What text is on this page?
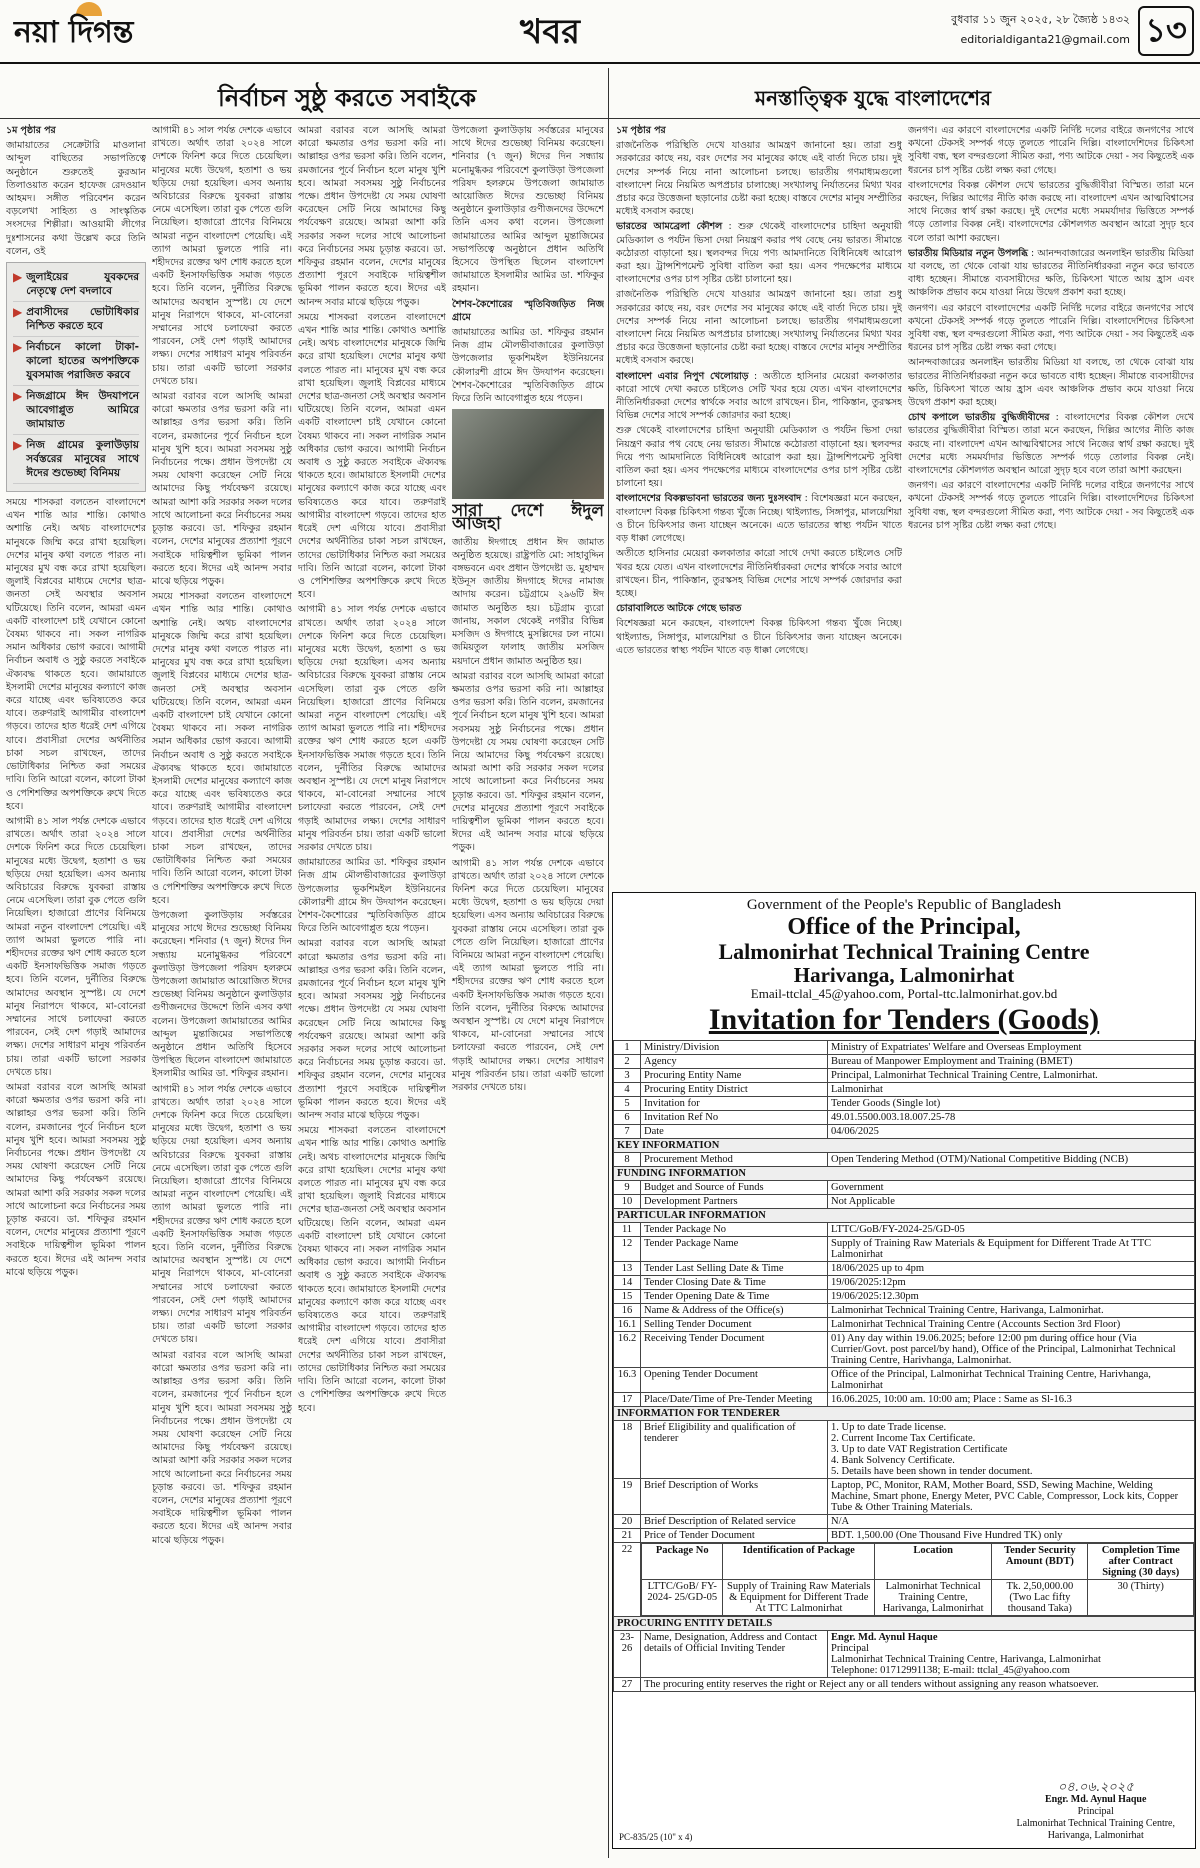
নয়া দিগন্ত	খবর	বুধবার ১১ জুন ২০২৫, ২৮ জ্যৈষ্ঠ ১৪৩২
editorialdiganta21@gmail.com ১৩
নির্বাচন সুষ্ঠু করতে সবাইকে	মনস্তাত্ত্বিক যুদ্ধে বাংলাদেশের

১ম পৃষ্ঠার পর

জামায়াতের সেক্রেটারি মাওলানা আব্দুল বাছিতের সভাপতিত্বে অনুষ্ঠানে শুরুতেই কুরআন তিলাওয়াত করেন হাফেজ রেদওয়ান আহমদ। সঙ্গীত পরিবেশন করেন বড়লেখা সাহিত্য ও সাংস্কৃতিক সংসদের শিল্পীরা। আওয়ামী লীগের দুঃশাসনের কথা উল্লেখ করে তিনি বলেন, ওই

▶ জুলাইয়ের যুবকদের নেতৃত্বে দেশ বদলাবে
▶ প্রবাসীদের ভোটাধিকার নিশ্চিত করতে হবে
▶ নির্বাচনে কালো টাকা-কালো হাতের অপশক্তিকে যুবসমাজ পরাজিত করবে
▶ নিজগ্রামে ঈদ উদযাপনে আবেগাপ্লুত আমিরে জামায়াত
▶ নিজ গ্রামের কুলাউড়ায় সর্বস্তরের মানুষের সাথে ঈদের শুভেচ্ছা বিনিময়

সময়ে শাসকরা বলতেন বাংলাদেশে এখন শান্তি আর শান্তি। কোথাও অশান্তি নেই। অথচ বাংলাদেশের মানুষকে জিম্মি করে রাখা হয়েছিল। দেশের মানুষ কথা বলতে পারত না। মানুষের মুখ বন্ধ করে রাখা হয়েছিল। জুলাই বিপ্লবের মাধ্যমে দেশের ছাত্র-জনতা সেই অবস্থার অবসান ঘটিয়েছে। তিনি বলেন, আমরা এমন একটি বাংলাদেশ চাই যেখানে কোনো বৈষম্য থাকবে না। সকল নাগরিক সমান অধিকার ভোগ করবে। আগামী নির্বাচন অবাধ ও সুষ্ঠু করতে সবাইকে ঐক্যবদ্ধ থাকতে হবে। জামায়াতে ইসলামী দেশের মানুষের কল্যাণে কাজ করে যাচ্ছে এবং ভবিষ্যতেও করে যাবে। তরুণরাই আগামীর বাংলাদেশ গড়বে। তাদের হাত ধরেই দেশ এগিয়ে যাবে। প্রবাসীরা দেশের অর্থনীতির চাকা সচল রাখছেন, তাদের ভোটাধিকার নিশ্চিত করা সময়ের দাবি। তিনি আরো বলেন, কালো টাকা ও পেশিশক্তির অপশক্তিকে রুখে দিতে হবে।

আগামী ৪১ সাল পর্যন্ত দেশকে এভাবে রাখতে। অর্থাৎ তারা ২০২৪ সালে দেশকে ফিনিশ করে দিতে চেয়েছিল। মানুষের মধ্যে উদ্বেগ, হতাশা ও ভয় ছড়িয়ে দেয়া হয়েছিল। এসব অন্যায় অবিচারের বিরুদ্ধে যুবকরা রাস্তায় নেমে এসেছিল। তারা বুক পেতে গুলি নিয়েছিল। হাজারো প্রাণের বিনিময়ে আমরা নতুন বাংলাদেশ পেয়েছি। এই ত্যাগ আমরা ভুলতে পারি না। শহীদদের রক্তের ঋণ শোধ করতে হলে একটি ইনসাফভিত্তিক সমাজ গড়তে হবে। তিনি বলেন, দুর্নীতির বিরুদ্ধে আমাদের অবস্থান সুস্পষ্ট। যে দেশে মানুষ নিরাপদে থাকবে, মা-বোনেরা সম্মানের সাথে চলাফেরা করতে পারবেন, সেই দেশ গড়াই আমাদের লক্ষ্য। দেশের সাধারণ মানুষ পরিবর্তন চায়। তারা একটি ভালো সরকার দেখতে চায়।

আমরা বরাবর বলে আসছি আমরা কারো ক্ষমতার ওপর ভরসা করি না। আল্লাহর ওপর ভরসা করি। তিনি বলেন, রমজানের পূর্বে নির্বাচন হলে মানুষ খুশি হবে। আমরা সবসময় সুষ্ঠু নির্বাচনের পক্ষে। প্রধান উপদেষ্টা যে সময় ঘোষণা করেছেন সেটি নিয়ে আমাদের কিছু পর্যবেক্ষণ রয়েছে। আমরা আশা করি সরকার সকল দলের সাথে আলোচনা করে নির্বাচনের সময় চূড়ান্ত করবে। ডা. শফিকুর রহমান বলেন, দেশের মানুষের প্রত্যাশা পূরণে সবাইকে দায়িত্বশীল ভূমিকা পালন করতে হবে। ঈদের এই আনন্দ সবার মাঝে ছড়িয়ে পড়ুক।

আগামী ৪১ সাল পর্যন্ত দেশকে এভাবে রাখতে। অর্থাৎ তারা ২০২৪ সালে দেশকে ফিনিশ করে দিতে চেয়েছিল। মানুষের মধ্যে উদ্বেগ, হতাশা ও ভয় ছড়িয়ে দেয়া হয়েছিল। এসব অন্যায় অবিচারের বিরুদ্ধে যুবকরা রাস্তায় নেমে এসেছিল। তারা বুক পেতে গুলি নিয়েছিল। হাজারো প্রাণের বিনিময়ে আমরা নতুন বাংলাদেশ পেয়েছি। এই ত্যাগ আমরা ভুলতে পারি না। শহীদদের রক্তের ঋণ শোধ করতে হলে একটি ইনসাফভিত্তিক সমাজ গড়তে হবে। তিনি বলেন, দুর্নীতির বিরুদ্ধে আমাদের অবস্থান সুস্পষ্ট। যে দেশে মানুষ নিরাপদে থাকবে, মা-বোনেরা সম্মানের সাথে চলাফেরা করতে পারবেন, সেই দেশ গড়াই আমাদের লক্ষ্য। দেশের সাধারণ মানুষ পরিবর্তন চায়। তারা একটি ভালো সরকার দেখতে চায়।

আমরা বরাবর বলে আসছি আমরা কারো ক্ষমতার ওপর ভরসা করি না। আল্লাহর ওপর ভরসা করি। তিনি বলেন, রমজানের পূর্বে নির্বাচন হলে মানুষ খুশি হবে। আমরা সবসময় সুষ্ঠু নির্বাচনের পক্ষে। প্রধান উপদেষ্টা যে সময় ঘোষণা করেছেন সেটি নিয়ে আমাদের কিছু পর্যবেক্ষণ রয়েছে। আমরা আশা করি সরকার সকল দলের সাথে আলোচনা করে নির্বাচনের সময় চূড়ান্ত করবে। ডা. শফিকুর রহমান বলেন, দেশের মানুষের প্রত্যাশা পূরণে সবাইকে দায়িত্বশীল ভূমিকা পালন করতে হবে। ঈদের এই আনন্দ সবার মাঝে ছড়িয়ে পড়ুক।

সময়ে শাসকরা বলতেন বাংলাদেশে এখন শান্তি আর শান্তি। কোথাও অশান্তি নেই। অথচ বাংলাদেশের মানুষকে জিম্মি করে রাখা হয়েছিল। দেশের মানুষ কথা বলতে পারত না। মানুষের মুখ বন্ধ করে রাখা হয়েছিল। জুলাই বিপ্লবের মাধ্যমে দেশের ছাত্র-জনতা সেই অবস্থার অবসান ঘটিয়েছে। তিনি বলেন, আমরা এমন একটি বাংলাদেশ চাই যেখানে কোনো বৈষম্য থাকবে না। সকল নাগরিক সমান অধিকার ভোগ করবে। আগামী নির্বাচন অবাধ ও সুষ্ঠু করতে সবাইকে ঐক্যবদ্ধ থাকতে হবে। জামায়াতে ইসলামী দেশের মানুষের কল্যাণে কাজ করে যাচ্ছে এবং ভবিষ্যতেও করে যাবে। তরুণরাই আগামীর বাংলাদেশ গড়বে। তাদের হাত ধরেই দেশ এগিয়ে যাবে। প্রবাসীরা দেশের অর্থনীতির চাকা সচল রাখছেন, তাদের ভোটাধিকার নিশ্চিত করা সময়ের দাবি। তিনি আরো বলেন, কালো টাকা ও পেশিশক্তির অপশক্তিকে রুখে দিতে হবে।

উপজেলা কুলাউড়ায় সর্বস্তরের মানুষের সাথে ঈদের শুভেচ্ছা বিনিময় করেছেন। শনিবার (৭ জুন) ঈদের দিন সন্ধ্যায় মনোমুগ্ধকর পরিবেশে কুলাউড়া উপজেলা পরিষদ হলরুমে উপজেলা জামায়াত আয়োজিত ঈদের শুভেচ্ছা বিনিময় অনুষ্ঠানে কুলাউড়ার গুণীজনদের উদ্দেশে তিনি এসব কথা বলেন। উপজেলা জামায়াতের আমির আব্দুল মুন্তাজিমের সভাপতিত্বে অনুষ্ঠানে প্রধান অতিথি হিসেবে উপস্থিত ছিলেন বাংলাদেশ জামায়াতে ইসলামীর আমির ডা. শফিকুর রহমান।

আগামী ৪১ সাল পর্যন্ত দেশকে এভাবে রাখতে। অর্থাৎ তারা ২০২৪ সালে দেশকে ফিনিশ করে দিতে চেয়েছিল। মানুষের মধ্যে উদ্বেগ, হতাশা ও ভয় ছড়িয়ে দেয়া হয়েছিল। এসব অন্যায় অবিচারের বিরুদ্ধে যুবকরা রাস্তায় নেমে এসেছিল। তারা বুক পেতে গুলি নিয়েছিল। হাজারো প্রাণের বিনিময়ে আমরা নতুন বাংলাদেশ পেয়েছি। এই ত্যাগ আমরা ভুলতে পারি না। শহীদদের রক্তের ঋণ শোধ করতে হলে একটি ইনসাফভিত্তিক সমাজ গড়তে হবে। তিনি বলেন, দুর্নীতির বিরুদ্ধে আমাদের অবস্থান সুস্পষ্ট। যে দেশে মানুষ নিরাপদে থাকবে, মা-বোনেরা সম্মানের সাথে চলাফেরা করতে পারবেন, সেই দেশ গড়াই আমাদের লক্ষ্য। দেশের সাধারণ মানুষ পরিবর্তন চায়। তারা একটি ভালো সরকার দেখতে চায়।

আমরা বরাবর বলে আসছি আমরা কারো ক্ষমতার ওপর ভরসা করি না। আল্লাহর ওপর ভরসা করি। তিনি বলেন, রমজানের পূর্বে নির্বাচন হলে মানুষ খুশি হবে। আমরা সবসময় সুষ্ঠু নির্বাচনের পক্ষে। প্রধান উপদেষ্টা যে সময় ঘোষণা করেছেন সেটি নিয়ে আমাদের কিছু পর্যবেক্ষণ রয়েছে। আমরা আশা করি সরকার সকল দলের সাথে আলোচনা করে নির্বাচনের সময় চূড়ান্ত করবে। ডা. শফিকুর রহমান বলেন, দেশের মানুষের প্রত্যাশা পূরণে সবাইকে দায়িত্বশীল ভূমিকা পালন করতে হবে। ঈদের এই আনন্দ সবার মাঝে ছড়িয়ে পড়ুক।

আমরা বরাবর বলে আসছি আমরা কারো ক্ষমতার ওপর ভরসা করি না। আল্লাহর ওপর ভরসা করি। তিনি বলেন, রমজানের পূর্বে নির্বাচন হলে মানুষ খুশি হবে। আমরা সবসময় সুষ্ঠু নির্বাচনের পক্ষে। প্রধান উপদেষ্টা যে সময় ঘোষণা করেছেন সেটি নিয়ে আমাদের কিছু পর্যবেক্ষণ রয়েছে। আমরা আশা করি সরকার সকল দলের সাথে আলোচনা করে নির্বাচনের সময় চূড়ান্ত করবে। ডা. শফিকুর রহমান বলেন, দেশের মানুষের প্রত্যাশা পূরণে সবাইকে দায়িত্বশীল ভূমিকা পালন করতে হবে। ঈদের এই আনন্দ সবার মাঝে ছড়িয়ে পড়ুক।

সময়ে শাসকরা বলতেন বাংলাদেশে এখন শান্তি আর শান্তি। কোথাও অশান্তি নেই। অথচ বাংলাদেশের মানুষকে জিম্মি করে রাখা হয়েছিল। দেশের মানুষ কথা বলতে পারত না। মানুষের মুখ বন্ধ করে রাখা হয়েছিল। জুলাই বিপ্লবের মাধ্যমে দেশের ছাত্র-জনতা সেই অবস্থার অবসান ঘটিয়েছে। তিনি বলেন, আমরা এমন একটি বাংলাদেশ চাই যেখানে কোনো বৈষম্য থাকবে না। সকল নাগরিক সমান অধিকার ভোগ করবে। আগামী নির্বাচন অবাধ ও সুষ্ঠু করতে সবাইকে ঐক্যবদ্ধ থাকতে হবে। জামায়াতে ইসলামী দেশের মানুষের কল্যাণে কাজ করে যাচ্ছে এবং ভবিষ্যতেও করে যাবে। তরুণরাই আগামীর বাংলাদেশ গড়বে। তাদের হাত ধরেই দেশ এগিয়ে যাবে। প্রবাসীরা দেশের অর্থনীতির চাকা সচল রাখছেন, তাদের ভোটাধিকার নিশ্চিত করা সময়ের দাবি। তিনি আরো বলেন, কালো টাকা ও পেশিশক্তির অপশক্তিকে রুখে দিতে হবে।

আগামী ৪১ সাল পর্যন্ত দেশকে এভাবে রাখতে। অর্থাৎ তারা ২০২৪ সালে দেশকে ফিনিশ করে দিতে চেয়েছিল। মানুষের মধ্যে উদ্বেগ, হতাশা ও ভয় ছড়িয়ে দেয়া হয়েছিল। এসব অন্যায় অবিচারের বিরুদ্ধে যুবকরা রাস্তায় নেমে এসেছিল। তারা বুক পেতে গুলি নিয়েছিল। হাজারো প্রাণের বিনিময়ে আমরা নতুন বাংলাদেশ পেয়েছি। এই ত্যাগ আমরা ভুলতে পারি না। শহীদদের রক্তের ঋণ শোধ করতে হলে একটি ইনসাফভিত্তিক সমাজ গড়তে হবে। তিনি বলেন, দুর্নীতির বিরুদ্ধে আমাদের অবস্থান সুস্পষ্ট। যে দেশে মানুষ নিরাপদে থাকবে, মা-বোনেরা সম্মানের সাথে চলাফেরা করতে পারবেন, সেই দেশ গড়াই আমাদের লক্ষ্য। দেশের সাধারণ মানুষ পরিবর্তন চায়। তারা একটি ভালো সরকার দেখতে চায়।

জামায়াতের আমির ডা. শফিকুর রহমান নিজ গ্রাম মৌলভীবাজারের কুলাউড়া উপজেলার ভূকশিমইল ইউনিয়নের কৌলারশী গ্রামে ঈদ উদযাপন করেছেন। শৈশব-কৈশোরের স্মৃতিবিজড়িত গ্রামে ফিরে তিনি আবেগাপ্লুত হয়ে পড়েন।

আমরা বরাবর বলে আসছি আমরা কারো ক্ষমতার ওপর ভরসা করি না। আল্লাহর ওপর ভরসা করি। তিনি বলেন, রমজানের পূর্বে নির্বাচন হলে মানুষ খুশি হবে। আমরা সবসময় সুষ্ঠু নির্বাচনের পক্ষে। প্রধান উপদেষ্টা যে সময় ঘোষণা করেছেন সেটি নিয়ে আমাদের কিছু পর্যবেক্ষণ রয়েছে। আমরা আশা করি সরকার সকল দলের সাথে আলোচনা করে নির্বাচনের সময় চূড়ান্ত করবে। ডা. শফিকুর রহমান বলেন, দেশের মানুষের প্রত্যাশা পূরণে সবাইকে দায়িত্বশীল ভূমিকা পালন করতে হবে। ঈদের এই আনন্দ সবার মাঝে ছড়িয়ে পড়ুক।

সময়ে শাসকরা বলতেন বাংলাদেশে এখন শান্তি আর শান্তি। কোথাও অশান্তি নেই। অথচ বাংলাদেশের মানুষকে জিম্মি করে রাখা হয়েছিল। দেশের মানুষ কথা বলতে পারত না। মানুষের মুখ বন্ধ করে রাখা হয়েছিল। জুলাই বিপ্লবের মাধ্যমে দেশের ছাত্র-জনতা সেই অবস্থার অবসান ঘটিয়েছে। তিনি বলেন, আমরা এমন একটি বাংলাদেশ চাই যেখানে কোনো বৈষম্য থাকবে না। সকল নাগরিক সমান অধিকার ভোগ করবে। আগামী নির্বাচন অবাধ ও সুষ্ঠু করতে সবাইকে ঐক্যবদ্ধ থাকতে হবে। জামায়াতে ইসলামী দেশের মানুষের কল্যাণে কাজ করে যাচ্ছে এবং ভবিষ্যতেও করে যাবে। তরুণরাই আগামীর বাংলাদেশ গড়বে। তাদের হাত ধরেই দেশ এগিয়ে যাবে। প্রবাসীরা দেশের অর্থনীতির চাকা সচল রাখছেন, তাদের ভোটাধিকার নিশ্চিত করা সময়ের দাবি। তিনি আরো বলেন, কালো টাকা ও পেশিশক্তির অপশক্তিকে রুখে দিতে হবে।

উপজেলা কুলাউড়ায় সর্বস্তরের মানুষের সাথে ঈদের শুভেচ্ছা বিনিময় করেছেন। শনিবার (৭ জুন) ঈদের দিন সন্ধ্যায় মনোমুগ্ধকর পরিবেশে কুলাউড়া উপজেলা পরিষদ হলরুমে উপজেলা জামায়াত আয়োজিত ঈদের শুভেচ্ছা বিনিময় অনুষ্ঠানে কুলাউড়ার গুণীজনদের উদ্দেশে তিনি এসব কথা বলেন। উপজেলা জামায়াতের আমির আব্দুল মুন্তাজিমের সভাপতিত্বে অনুষ্ঠানে প্রধান অতিথি হিসেবে উপস্থিত ছিলেন বাংলাদেশ জামায়াতে ইসলামীর আমির ডা. শফিকুর রহমান।

শৈশব-কৈশোরের স্মৃতিবিজড়িত নিজ গ্রামে

জামায়াতের আমির ডা. শফিকুর রহমান নিজ গ্রাম মৌলভীবাজারের কুলাউড়া উপজেলার ভূকশিমইল ইউনিয়নের কৌলারশী গ্রামে ঈদ উদযাপন করেছেন। শৈশব-কৈশোরের স্মৃতিবিজড়িত গ্রামে ফিরে তিনি আবেগাপ্লুত হয়ে পড়েন।

সারা দেশে ঈদুল আজহা

জাতীয় ঈদগাহে প্রধান ঈদ জামাত অনুষ্ঠিত হয়েছে। রাষ্ট্রপতি মো: সাহাবুদ্দিন বঙ্গভবনে এবং প্রধান উপদেষ্টা ড. মুহাম্মদ ইউনূস জাতীয় ঈদগাহে ঈদের নামাজ আদায় করেন। চট্টগ্রামে ২৯৬টি ঈদ জামাত অনুষ্ঠিত হয়। চট্টগ্রাম ব্যুরো জানায়, সকাল থেকেই নগরীর বিভিন্ন মসজিদ ও ঈদগাহে মুসল্লিদের ঢল নামে। জমিয়তুল ফালাহ জাতীয় মসজিদ ময়দানে প্রধান জামাত অনুষ্ঠিত হয়।

আমরা বরাবর বলে আসছি আমরা কারো ক্ষমতার ওপর ভরসা করি না। আল্লাহর ওপর ভরসা করি। তিনি বলেন, রমজানের পূর্বে নির্বাচন হলে মানুষ খুশি হবে। আমরা সবসময় সুষ্ঠু নির্বাচনের পক্ষে। প্রধান উপদেষ্টা যে সময় ঘোষণা করেছেন সেটি নিয়ে আমাদের কিছু পর্যবেক্ষণ রয়েছে। আমরা আশা করি সরকার সকল দলের সাথে আলোচনা করে নির্বাচনের সময় চূড়ান্ত করবে। ডা. শফিকুর রহমান বলেন, দেশের মানুষের প্রত্যাশা পূরণে সবাইকে দায়িত্বশীল ভূমিকা পালন করতে হবে। ঈদের এই আনন্দ সবার মাঝে ছড়িয়ে পড়ুক।

আগামী ৪১ সাল পর্যন্ত দেশকে এভাবে রাখতে। অর্থাৎ তারা ২০২৪ সালে দেশকে ফিনিশ করে দিতে চেয়েছিল। মানুষের মধ্যে উদ্বেগ, হতাশা ও ভয় ছড়িয়ে দেয়া হয়েছিল। এসব অন্যায় অবিচারের বিরুদ্ধে যুবকরা রাস্তায় নেমে এসেছিল। তারা বুক পেতে গুলি নিয়েছিল। হাজারো প্রাণের বিনিময়ে আমরা নতুন বাংলাদেশ পেয়েছি। এই ত্যাগ আমরা ভুলতে পারি না। শহীদদের রক্তের ঋণ শোধ করতে হলে একটি ইনসাফভিত্তিক সমাজ গড়তে হবে। তিনি বলেন, দুর্নীতির বিরুদ্ধে আমাদের অবস্থান সুস্পষ্ট। যে দেশে মানুষ নিরাপদে থাকবে, মা-বোনেরা সম্মানের সাথে চলাফেরা করতে পারবেন, সেই দেশ গড়াই আমাদের লক্ষ্য। দেশের সাধারণ মানুষ পরিবর্তন চায়। তারা একটি ভালো সরকার দেখতে চায়।

১ম পৃষ্ঠার পর

রাজনৈতিক পরিস্থিতি দেখে যাওয়ার আমন্ত্রণ জানানো হয়। তারা শুধু সরকারের কাছে নয়, বরং দেশের সব মানুষের কাছে এই বার্তা দিতে চায়। দুই দেশের সম্পর্ক নিয়ে নানা আলোচনা চলছে। ভারতীয় গণমাধ্যমগুলো বাংলাদেশ নিয়ে নিয়মিত অপপ্রচার চালাচ্ছে। সংখ্যালঘু নির্যাতনের মিথ্যা খবর প্রচার করে উত্তেজনা ছড়ানোর চেষ্টা করা হচ্ছে। বাস্তবে দেশের মানুষ সম্প্রীতির মধ্যেই বসবাস করছে।

ভারতের আমব্রেলা কৌশল : শুরু থেকেই বাংলাদেশের চাহিদা অনুযায়ী মেডিক্যাল ও পর্যটন ভিসা দেয়া নিয়ন্ত্রণ করার পথ বেছে নেয় ভারত। সীমান্তে কঠোরতা বাড়ানো হয়। স্থলবন্দর দিয়ে পণ্য আমদানিতে বিধিনিষেধ আরোপ করা হয়। ট্রান্সশিপমেন্ট সুবিধা বাতিল করা হয়। এসব পদক্ষেপের মাধ্যমে বাংলাদেশের ওপর চাপ সৃষ্টির চেষ্টা চালানো হয়।

রাজনৈতিক পরিস্থিতি দেখে যাওয়ার আমন্ত্রণ জানানো হয়। তারা শুধু সরকারের কাছে নয়, বরং দেশের সব মানুষের কাছে এই বার্তা দিতে চায়। দুই দেশের সম্পর্ক নিয়ে নানা আলোচনা চলছে। ভারতীয় গণমাধ্যমগুলো বাংলাদেশ নিয়ে নিয়মিত অপপ্রচার চালাচ্ছে। সংখ্যালঘু নির্যাতনের মিথ্যা খবর প্রচার করে উত্তেজনা ছড়ানোর চেষ্টা করা হচ্ছে। বাস্তবে দেশের মানুষ সম্প্রীতির মধ্যেই বসবাস করছে।

বাংলাদেশ এবার নিপুণ খেলোয়াড় : অতীতে হাসিনার মেয়েরা কলকাতার কারো সাথে দেখা করতে চাইলেও সেটি খবর হয়ে যেত। এখন বাংলাদেশের নীতিনির্ধারকরা দেশের স্বার্থকে সবার আগে রাখছেন। চীন, পাকিস্তান, তুরস্কসহ বিভিন্ন দেশের সাথে সম্পর্ক জোরদার করা হচ্ছে।

শুরু থেকেই বাংলাদেশের চাহিদা অনুযায়ী মেডিক্যাল ও পর্যটন ভিসা দেয়া নিয়ন্ত্রণ করার পথ বেছে নেয় ভারত। সীমান্তে কঠোরতা বাড়ানো হয়। স্থলবন্দর দিয়ে পণ্য আমদানিতে বিধিনিষেধ আরোপ করা হয়। ট্রান্সশিপমেন্ট সুবিধা বাতিল করা হয়। এসব পদক্ষেপের মাধ্যমে বাংলাদেশের ওপর চাপ সৃষ্টির চেষ্টা চালানো হয়।

বাংলাদেশের বিকল্পভাবনা ভারতের জন্য দুঃসংবাদ : বিশেষজ্ঞরা মনে করছেন, বাংলাদেশ বিকল্প চিকিৎসা গন্তব্য খুঁজে নিচ্ছে। থাইল্যান্ড, সিঙ্গাপুর, মালয়েশিয়া ও চীনে চিকিৎসার জন্য যাচ্ছেন অনেকে। এতে ভারতের স্বাস্থ্য পর্যটন খাতে বড় ধাক্কা লেগেছে।

অতীতে হাসিনার মেয়েরা কলকাতার কারো সাথে দেখা করতে চাইলেও সেটি খবর হয়ে যেত। এখন বাংলাদেশের নীতিনির্ধারকরা দেশের স্বার্থকে সবার আগে রাখছেন। চীন, পাকিস্তান, তুরস্কসহ বিভিন্ন দেশের সাথে সম্পর্ক জোরদার করা হচ্ছে।

চোরাবালিতে আটকে গেছে ভারত

বিশেষজ্ঞরা মনে করছেন, বাংলাদেশ বিকল্প চিকিৎসা গন্তব্য খুঁজে নিচ্ছে। থাইল্যান্ড, সিঙ্গাপুর, মালয়েশিয়া ও চীনে চিকিৎসার জন্য যাচ্ছেন অনেকে। এতে ভারতের স্বাস্থ্য পর্যটন খাতে বড় ধাক্কা লেগেছে।

জনগণ। এর কারণে বাংলাদেশের একটি নির্দিষ্ট দলের বাইরে জনগণের সাথে কখনো টেকসই সম্পর্ক গড়ে তুলতে পারেনি দিল্লি। বাংলাদেশিদের চিকিৎসা সুবিধা বন্ধ, স্থল বন্দরগুলো সীমিত করা, পণ্য আটকে দেয়া - সব কিছুতেই এক ধরনের চাপ সৃষ্টির চেষ্টা লক্ষ্য করা গেছে।

বাংলাদেশের বিকল্প কৌশল দেখে ভারতের বুদ্ধিজীবীরা বিস্মিত। তারা মনে করছেন, দিল্লির আগের নীতি কাজ করছে না। বাংলাদেশ এখন আত্মবিশ্বাসের সাথে নিজের স্বার্থ রক্ষা করছে। দুই দেশের মধ্যে সমমর্যাদার ভিত্তিতে সম্পর্ক গড়ে তোলার বিকল্প নেই। বাংলাদেশের কৌশলগত অবস্থান আরো সুদৃঢ় হবে বলে তারা আশা করছেন।

ভারতীয় মিডিয়ার নতুন উপলব্ধি : আনন্দবাজারের অনলাইন ভারতীয় মিডিয়া যা বলছে, তা থেকে বোঝা যায় ভারতের নীতিনির্ধারকরা নতুন করে ভাবতে বাধ্য হচ্ছেন। সীমান্তে ব্যবসায়ীদের ক্ষতি, চিকিৎসা খাতে আয় হ্রাস এবং আঞ্চলিক প্রভাব কমে যাওয়া নিয়ে উদ্বেগ প্রকাশ করা হচ্ছে।

জনগণ। এর কারণে বাংলাদেশের একটি নির্দিষ্ট দলের বাইরে জনগণের সাথে কখনো টেকসই সম্পর্ক গড়ে তুলতে পারেনি দিল্লি। বাংলাদেশিদের চিকিৎসা সুবিধা বন্ধ, স্থল বন্দরগুলো সীমিত করা, পণ্য আটকে দেয়া - সব কিছুতেই এক ধরনের চাপ সৃষ্টির চেষ্টা লক্ষ্য করা গেছে।

আনন্দবাজারের অনলাইন ভারতীয় মিডিয়া যা বলছে, তা থেকে বোঝা যায় ভারতের নীতিনির্ধারকরা নতুন করে ভাবতে বাধ্য হচ্ছেন। সীমান্তে ব্যবসায়ীদের ক্ষতি, চিকিৎসা খাতে আয় হ্রাস এবং আঞ্চলিক প্রভাব কমে যাওয়া নিয়ে উদ্বেগ প্রকাশ করা হচ্ছে।

চোখ কপালে ভারতীয় বুদ্ধিজীবীদের : বাংলাদেশের বিকল্প কৌশল দেখে ভারতের বুদ্ধিজীবীরা বিস্মিত। তারা মনে করছেন, দিল্লির আগের নীতি কাজ করছে না। বাংলাদেশ এখন আত্মবিশ্বাসের সাথে নিজের স্বার্থ রক্ষা করছে। দুই দেশের মধ্যে সমমর্যাদার ভিত্তিতে সম্পর্ক গড়ে তোলার বিকল্প নেই। বাংলাদেশের কৌশলগত অবস্থান আরো সুদৃঢ় হবে বলে তারা আশা করছেন।

জনগণ। এর কারণে বাংলাদেশের একটি নির্দিষ্ট দলের বাইরে জনগণের সাথে কখনো টেকসই সম্পর্ক গড়ে তুলতে পারেনি দিল্লি। বাংলাদেশিদের চিকিৎসা সুবিধা বন্ধ, স্থল বন্দরগুলো সীমিত করা, পণ্য আটকে দেয়া - সব কিছুতেই এক ধরনের চাপ সৃষ্টির চেষ্টা লক্ষ্য করা গেছে।

Government of the People's Republic of Bangladesh
Office of the Principal,
Lalmonirhat Technical Training Centre
Harivanga, Lalmonirhat
Email-ttclal_45@yahoo.com, Portal-ttc.lalmonirhat.gov.bd
Invitation for Tenders (Goods)
1	Ministry/Division	Ministry of Expatriates' Welfare and Overseas Employment
2	Agency	Bureau of Manpower Employment and Training (BMET)
3	Procuring Entity Name	Principal, Lalmonirhat Technical Training Centre, Lalmonirhat.
4	Procuring Entity District	Lalmonirhat
5	Invitation for	Tender Goods (Single lot)
6	Invitation Ref No	49.01.5500.003.18.007.25-78
7	Date	04/06/2025
KEY INFORMATION
8	Procurement Method	Open Tendering Method (OTM)/National Competitive Bidding (NCB)
FUNDING INFORMATION
9	Budget and Source of Funds	Government
10	Development Partners	Not Applicable
PARTICULAR INFORMATION
11	Tender Package No	LTTC/GoB/FY-2024-25/GD-05
12	Tender Package Name	Supply of Training Raw Materials & Equipment for Different Trade At TTC Lalmonirhat
13	Tender Last Selling Date & Time	18/06/2025 up to 4pm
14	Tender Closing Date & Time	19/06/2025:12pm
15	Tender Opening Date & Time	19/06/2025:12.30pm
16	Name & Address of the Office(s)	Lalmonirhat Technical Training Centre, Harivanga, Lalmonirhat.
16.1	Selling Tender Document	Lalmonirhat Technical Training Centre (Accounts Section 3rd Floor)
16.2	Receiving Tender Document	01) Any day within 19.06.2025; before 12:00 pm during office hour (Via Currier/Govt. post parcel/by hand), Office of the Principal, Lalmonirhat Technical Training Centre, Harivhanga, Lalmonirhat.
16.3	Opening Tender Document	Office of the Principal, Lalmonirhat Technical Training Centre, Harivhanga, Lalmonirhat
17	Place/Date/Time of Pre-Tender Meeting	16.06.2025, 10:00 am. 10:00 am; Place : Same as Sl-16.3
INFORMATION FOR TENDERER
18	Brief Eligibility and qualification of tenderer	
1. Up to date Trade license.
2. Current Income Tax Certificate.
3. Up to date VAT Registration Certificate
4. Bank Solvency Certificate.
5. Details have been shown in tender document.

19	Brief Description of Works	Laptop, PC, Monitor, RAM, Mother Board, SSD, Sewing Machine, Welding Machine, Smart phone, Energy Meter, PVC Cable, Compressor, Lock kits, Copper Tube & Other Training Materials.
20	Brief Description of Related service	N/A
21	Price of Tender Document	BDT. 1,500.00 (One Thousand Five Hundred TK) only
22	Package No	Identification of Package	Location	Tender Security Amount (BDT)	Completion Time after Contract Signing (30 days)
LTTC/GoB/ FY-2024- 25/GD-05	Supply of Training Raw Materials & Equipment for Different Trade At TTC Lalmonirhat	Lalmonirhat Technical Training Centre, Harivanga, Lalmonirhat	Tk. 2,50,000.00 (Two Lac fifty thousand Taka)	30 (Thirty)

PROCURING ENTITY DETAILS
23-26	Name, Designation, Address and Contact details of Official Inviting Tender	
Engr. Md. Aynul Haque
Principal
Lalmonirhat Technical Training Centre, Harivanga, Lalmonirhat
Telephone: 01712991138; E-mail: ttclal_45@yahoo.com

27	The procuring entity reserves the right or Reject any or all tenders without assigning any reason whatsoever.
০৪.০৬.২০২৫
Engr. Md. Aynul Haque
Principal
Lalmonirhat Technical Training Centre,
Harivanga, Lalmonirhat
PC-835/25 (10" x 4)
